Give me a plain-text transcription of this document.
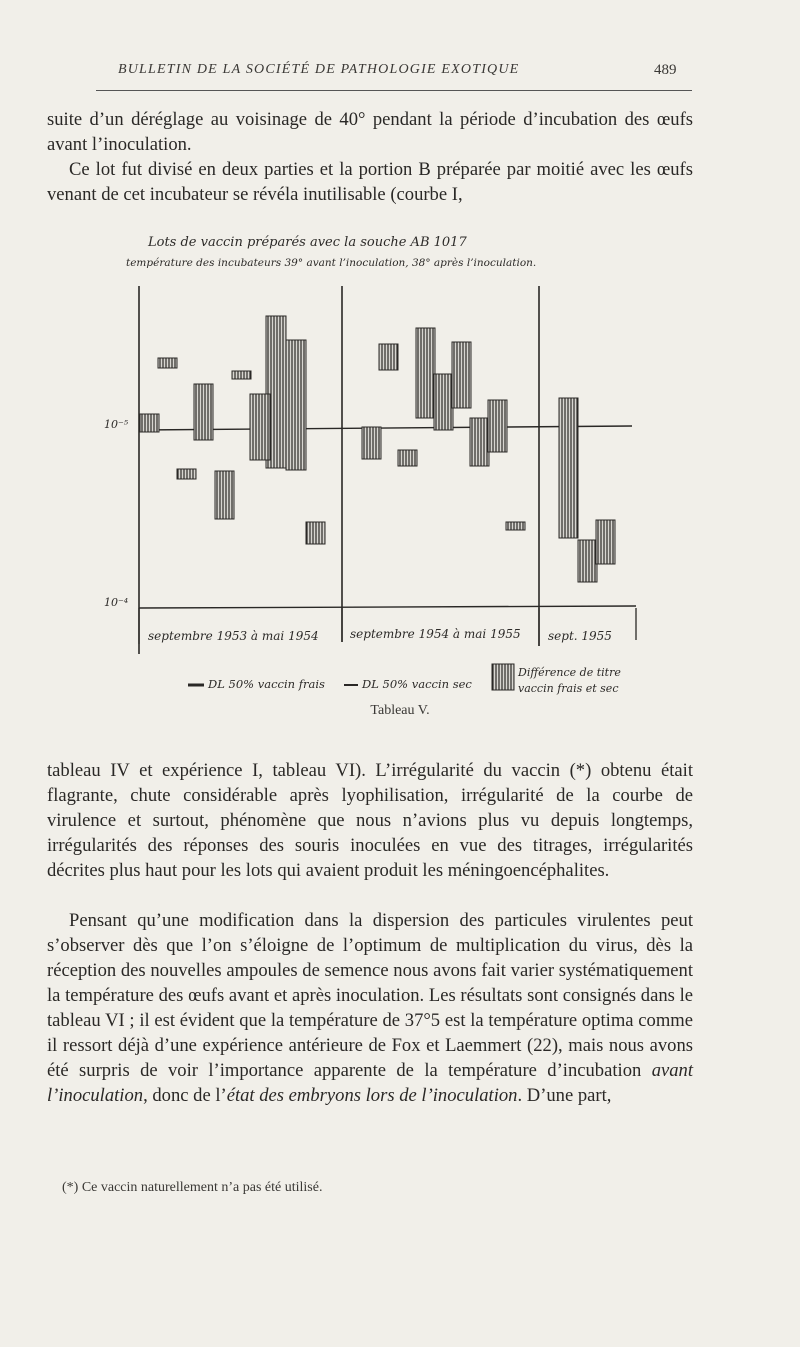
BULLETIN DE LA SOCIÉTÉ DE PATHOLOGIE EXOTIQUE	489

suite d’un déréglage au voisinage de 40° pendant la période d’incubation des œufs avant l’inoculation.

Ce lot fut divisé en deux parties et la portion B préparée par moitié avec les œufs venant de cet incubateur se révéla inutilisable (courbe I,

Lots de vaccin préparés avec la souche AB 1017
température des incubateurs 39° avant l’inoculation, 38° après l’inoculation.
10⁻⁵
10⁻⁴
septembre 1953 à mai 1954	septembre 1954 à mai 1955 sept. 1955
DL 50% vaccin frais	DL 50% vaccin sec
Différence de titre
vaccin frais et sec
Tableau V.

tableau IV et expérience I, tableau VI). L’irrégularité du vaccin (*) obtenu était flagrante, chute considérable après lyophilisation, irrégularité de la courbe de virulence et surtout, phénomène que nous n’avions plus vu depuis longtemps, irrégularités des réponses des souris inoculées en vue des titrages, irrégularités décrites plus haut pour les lots qui avaient produit les méningoencéphalites.

Pensant qu’une modification dans la dispersion des particules virulentes peut s’observer dès que l’on s’éloigne de l’optimum de multiplication du virus, dès la réception des nouvelles ampoules de semence nous avons fait varier systématiquement la température des œufs avant et après inoculation. Les résultats sont consignés dans le tableau VI ; il est évident que la température de 37°5 est la température optima comme il ressort déjà d’une expérience antérieure de Fox et Laemmert (22), mais nous avons été surpris de voir l’importance apparente de la température d’incubation avant l’inoculation, donc de l’état des embryons lors de l’inoculation. D’une part,

(*) Ce vaccin naturellement n’a pas été utilisé.
